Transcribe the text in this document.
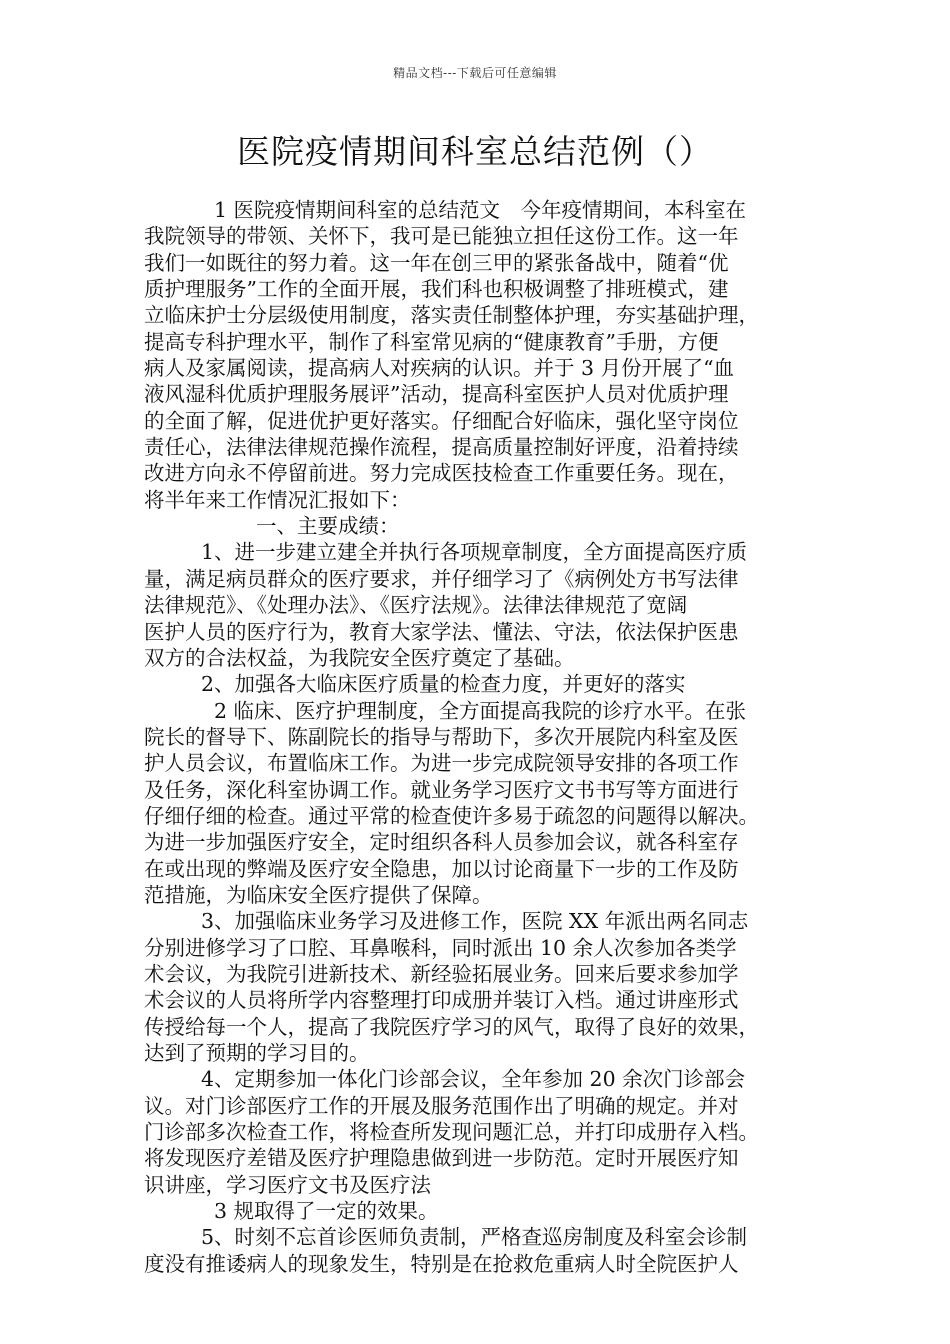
精品文档---下载后可任意编辑
医院疫情期间科室总结范例（）
1 医院疫情期间科室的总结范文　今年疫情期间，本科室在
我院领导的带领、关怀下，我可是已能独立担任这份工作。这一年
我们一如既往的努力着。这一年在创三甲的紧张备战中，随着“优
质护理服务”工作的全面开展，我们科也积极调整了排班模式，建
立临床护士分层级使用制度，落实责任制整体护理，夯实基础护理，
提高专科护理水平，制作了科室常见病的“健康教育”手册，方便
病人及家属阅读，提高病人对疾病的认识。并于 3 月份开展了“血
液风湿科优质护理服务展评”活动，提高科室医护人员对优质护理
的全面了解，促进优护更好落实。仔细配合好临床，强化坚守岗位
责任心，法律法律规范操作流程，提高质量控制好评度，沿着持续
改进方向永不停留前进。努力完成医技检查工作重要任务。现在，
将半年来工作情况汇报如下：
一、主要成绩：
1、进一步建立建全并执行各项规章制度，全方面提高医疗质
量，满足病员群众的医疗要求，并仔细学习了《病例处方书写法律
法律规范》、《处理办法》、《医疗法规》。法律法律规范了宽阔
医护人员的医疗行为，教育大家学法、懂法、守法，依法保护医患
双方的合法权益，为我院安全医疗奠定了基础。
2、加强各大临床医疗质量的检查力度，并更好的落实
2 临床、医疗护理制度，全方面提高我院的诊疗水平。在张
院长的督导下、陈副院长的指导与帮助下，多次开展院内科室及医
护人员会议，布置临床工作。为进一步完成院领导安排的各项工作
及任务，深化科室协调工作。就业务学习医疗文书书写等方面进行
仔细仔细的检查。通过平常的检查使许多易于疏忽的问题得以解决。
为进一步加强医疗安全，定时组织各科人员参加会议，就各科室存
在或出现的弊端及医疗安全隐患，加以讨论商量下一步的工作及防
范措施，为临床安全医疗提供了保障。
3、加强临床业务学习及进修工作，医院 XX 年派出两名同志
分别进修学习了口腔、耳鼻喉科，同时派出 10 余人次参加各类学
术会议，为我院引进新技术、新经验拓展业务。回来后要求参加学
术会议的人员将所学内容整理打印成册并装订入档。通过讲座形式
传授给每一个人，提高了我院医疗学习的风气，取得了良好的效果，
达到了预期的学习目的。
4、定期参加一体化门诊部会议，全年参加 20 余次门诊部会
议。对门诊部医疗工作的开展及服务范围作出了明确的规定。并对
门诊部多次检查工作，将检查所发现问题汇总，并打印成册存入档。
将发现医疗差错及医疗护理隐患做到进一步防范。定时开展医疗知
识讲座，学习医疗文书及医疗法
3 规取得了一定的效果。
5、时刻不忘首诊医师负责制，严格查巡房制度及科室会诊制
度没有推诿病人的现象发生，特别是在抢救危重病人时全院医护人
